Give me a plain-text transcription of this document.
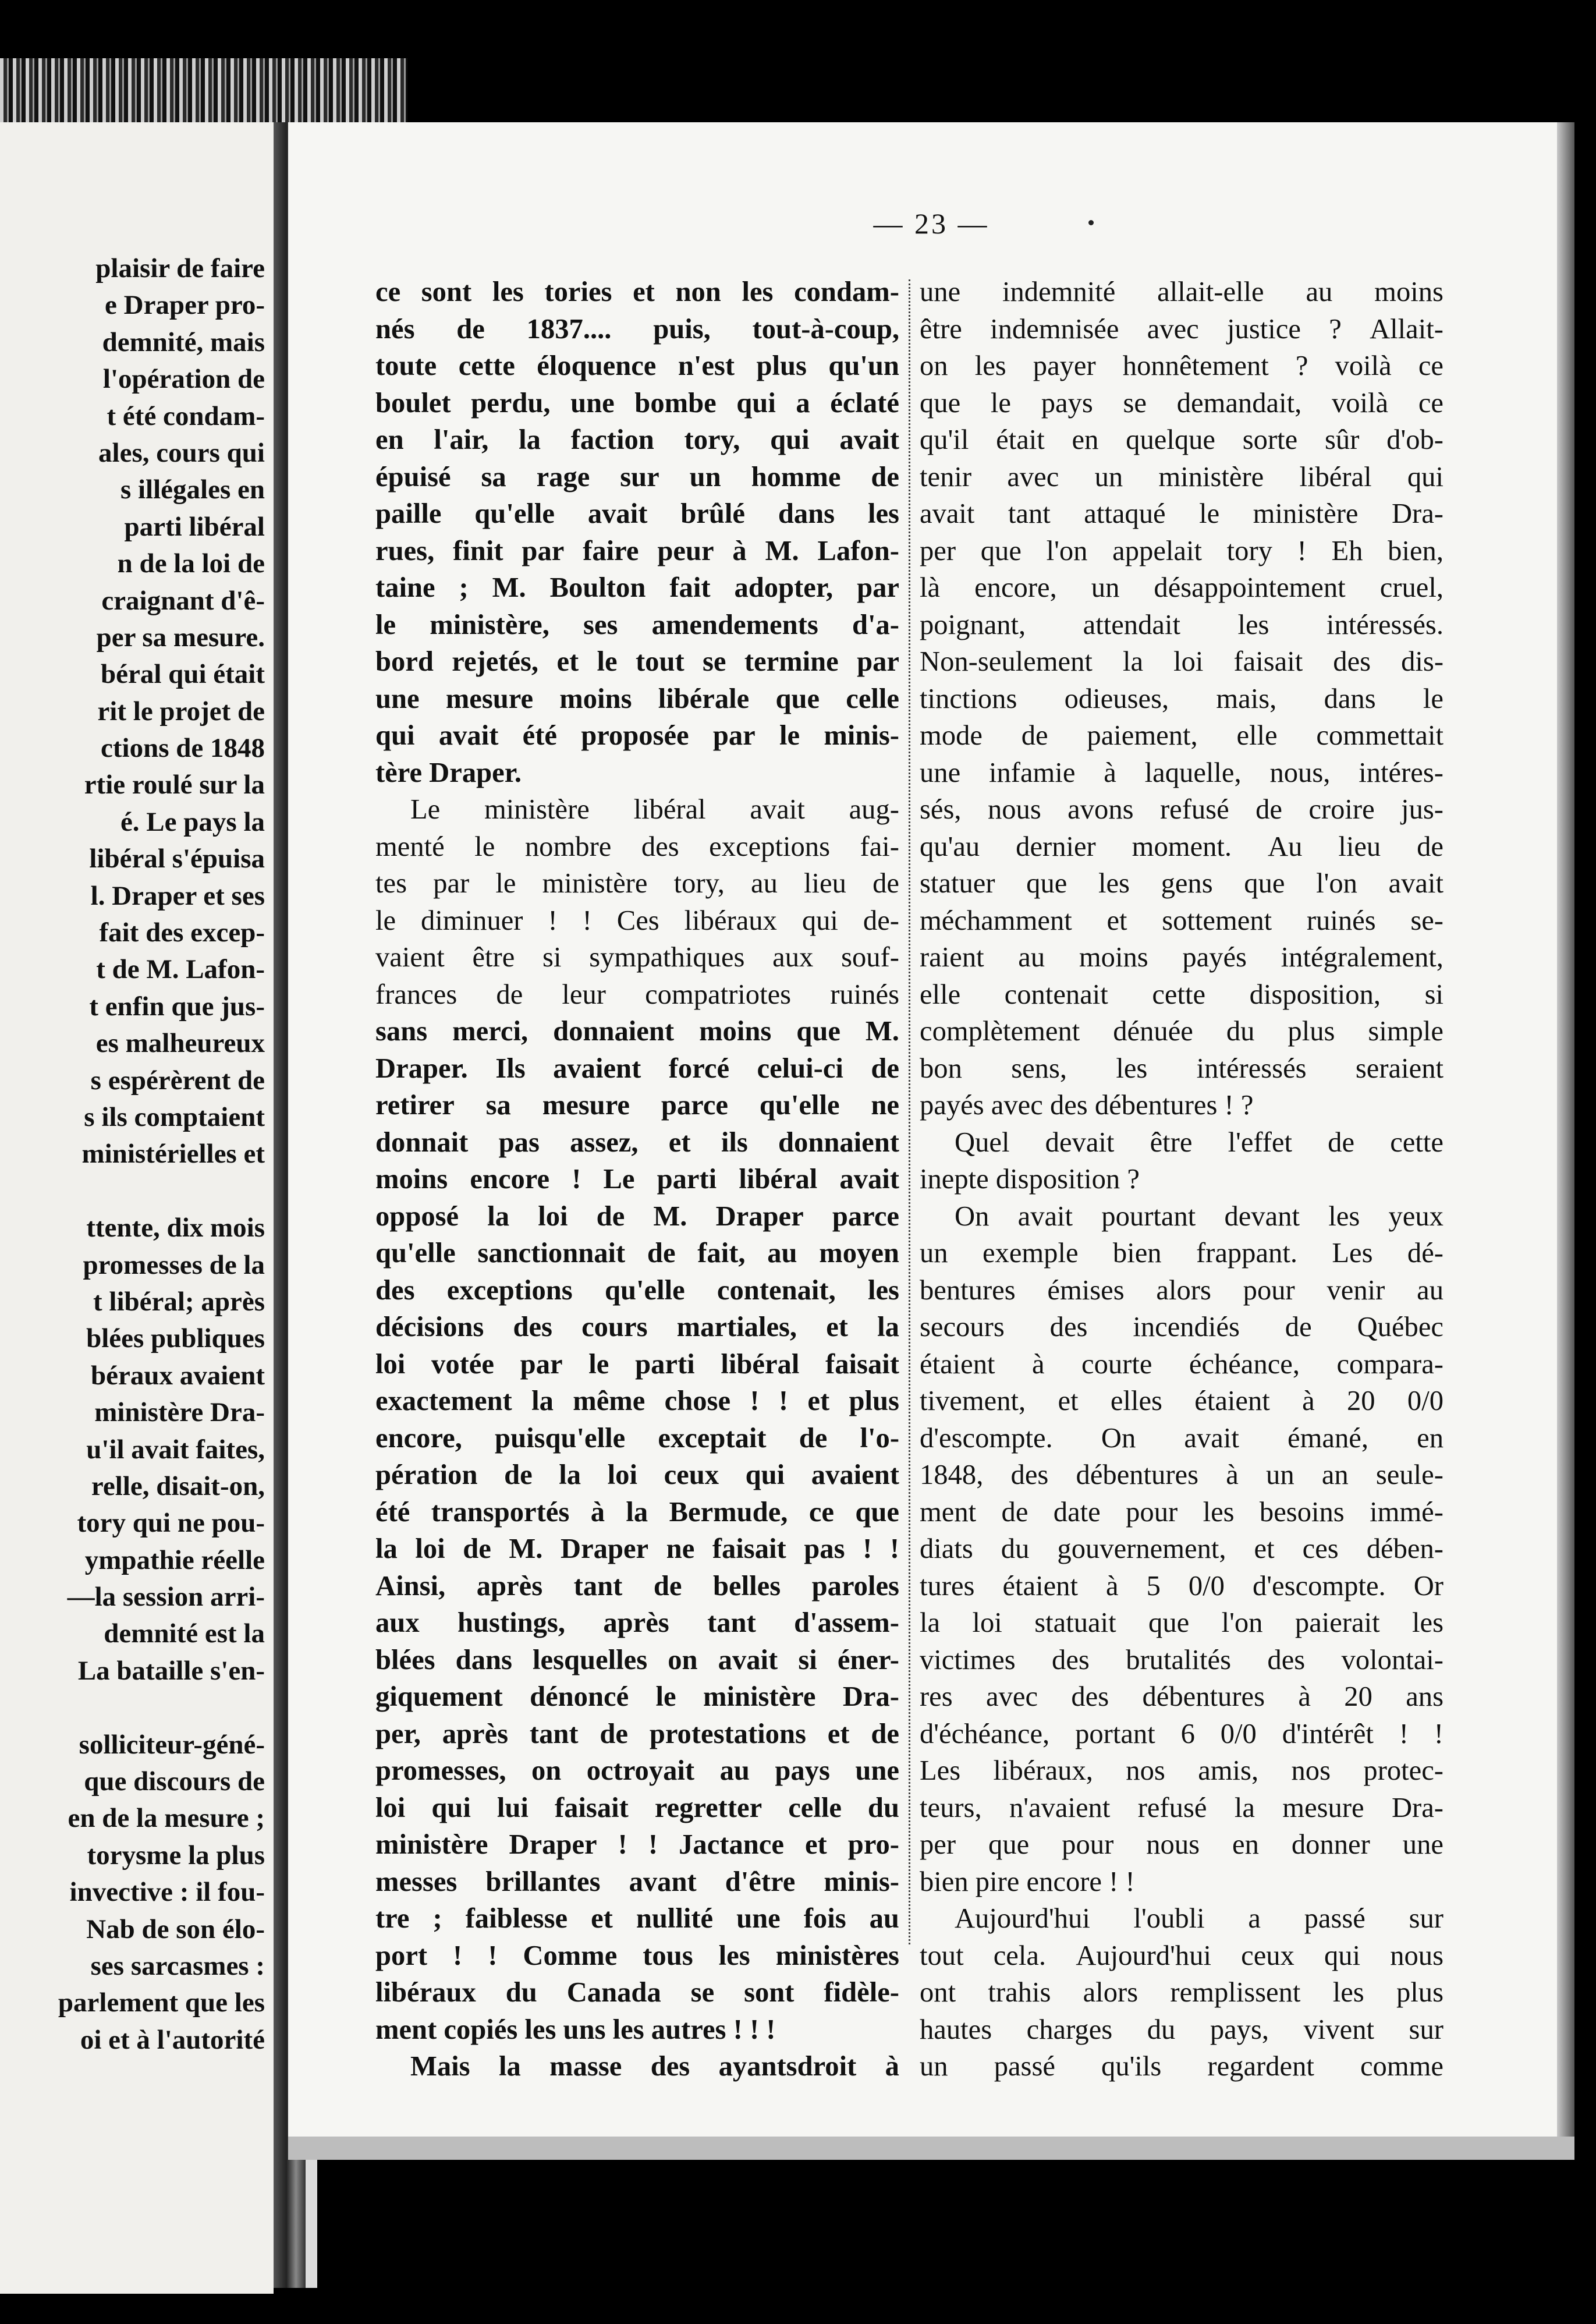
plaisir de faire
e Draper pro-
demnité, mais
l'opération de
t été condam-
ales, cours qui
s illégales en
parti libéral
n de la loi de
craignant d'ê-
per sa mesure.
béral qui était
rit le projet de
ctions de 1848
rtie roulé sur la
é. Le pays la
libéral s'épuisa
l. Draper et ses
fait des excep-
t de M. Lafon-
t enfin que jus-
es malheureux
s espérèrent de
s ils comptaient
ministérielles et
ttente, dix mois
promesses de la
t libéral; après
blées publiques
béraux avaient
ministère Dra-
u'il avait faites,
relle, disait-on,
tory qui ne pou-
ympathie réelle
—la session arri-
demnité est la
La bataille s'en-
solliciteur-géné-
que discours de
en de la mesure ;
torysme la plus
invective : il fou-
Nab de son élo-
ses sarcasmes :
parlement que les
oi et à l'autorité
— 23 —
ce sont les tories et non les condam-
nés de 1837.... puis, tout-à-coup,
toute cette éloquence n'est plus qu'un
boulet perdu, une bombe qui a éclaté
en l'air, la faction tory, qui avait
épuisé sa rage sur un homme de
paille qu'elle avait brûlé dans les
rues, finit par faire peur à M. Lafon-
taine ; M. Boulton fait adopter, par
le ministère, ses amendements d'a-
bord rejetés, et le tout se termine par
une mesure moins libérale que celle
qui avait été proposée par le minis-
tère Draper.
Le ministère libéral avait aug-
menté le nombre des exceptions fai-
tes par le ministère tory, au lieu de
le diminuer ! ! Ces libéraux qui de-
vaient être si sympathiques aux souf-
frances de leur compatriotes ruinés
sans merci, donnaient moins que M.
Draper. Ils avaient forcé celui-ci de
retirer sa mesure parce qu'elle ne
donnait pas assez, et ils donnaient
moins encore ! Le parti libéral avait
opposé la loi de M. Draper parce
qu'elle sanctionnait de fait, au moyen
des exceptions qu'elle contenait, les
décisions des cours martiales, et la
loi votée par le parti libéral faisait
exactement la même chose ! ! et plus
encore, puisqu'elle exceptait de l'o-
pération de la loi ceux qui avaient
été transportés à la Bermude, ce que
la loi de M. Draper ne faisait pas ! !
Ainsi, après tant de belles paroles
aux hustings, après tant d'assem-
blées dans lesquelles on avait si éner-
giquement dénoncé le ministère Dra-
per, après tant de protestations et de
promesses, on octroyait au pays une
loi qui lui faisait regretter celle du
ministère Draper ! ! Jactance et pro-
messes brillantes avant d'être minis-
tre ; faiblesse et nullité une fois au
port ! ! Comme tous les ministères
libéraux du Canada se sont fidèle-
ment copiés les uns les autres ! ! !
Mais la masse des ayantsdroit à
une indemnité allait-elle au moins
être indemnisée avec justice ? Allait-
on les payer honnêtement ? voilà ce
que le pays se demandait, voilà ce
qu'il était en quelque sorte sûr d'ob-
tenir avec un ministère libéral qui
avait tant attaqué le ministère Dra-
per que l'on appelait tory ! Eh bien,
là encore, un désappointement cruel,
poignant, attendait les intéressés.
Non-seulement la loi faisait des dis-
tinctions odieuses, mais, dans le
mode de paiement, elle commettait
une infamie à laquelle, nous, intéres-
sés, nous avons refusé de croire jus-
qu'au dernier moment. Au lieu de
statuer que les gens que l'on avait
méchamment et sottement ruinés se-
raient au moins payés intégralement,
elle contenait cette disposition, si
complètement dénuée du plus simple
bon sens, les intéressés seraient
payés avec des débentures ! ?
Quel devait être l'effet de cette
inepte disposition ?
On avait pourtant devant les yeux
un exemple bien frappant. Les dé-
bentures émises alors pour venir au
secours des incendiés de Québec
étaient à courte échéance, compara-
tivement, et elles étaient à 20 0/0
d'escompte. On avait émané, en
1848, des débentures à un an seule-
ment de date pour les besoins immé-
diats du gouvernement, et ces dében-
tures étaient à 5 0/0 d'escompte. Or
la loi statuait que l'on paierait les
victimes des brutalités des volontai-
res avec des débentures à 20 ans
d'échéance, portant 6 0/0 d'intérêt ! !
Les libéraux, nos amis, nos protec-
teurs, n'avaient refusé la mesure Dra-
per que pour nous en donner une
bien pire encore ! !
Aujourd'hui l'oubli a passé sur
tout cela. Aujourd'hui ceux qui nous
ont trahis alors remplissent les plus
hautes charges du pays, vivent sur
un passé qu'ils regardent comme
